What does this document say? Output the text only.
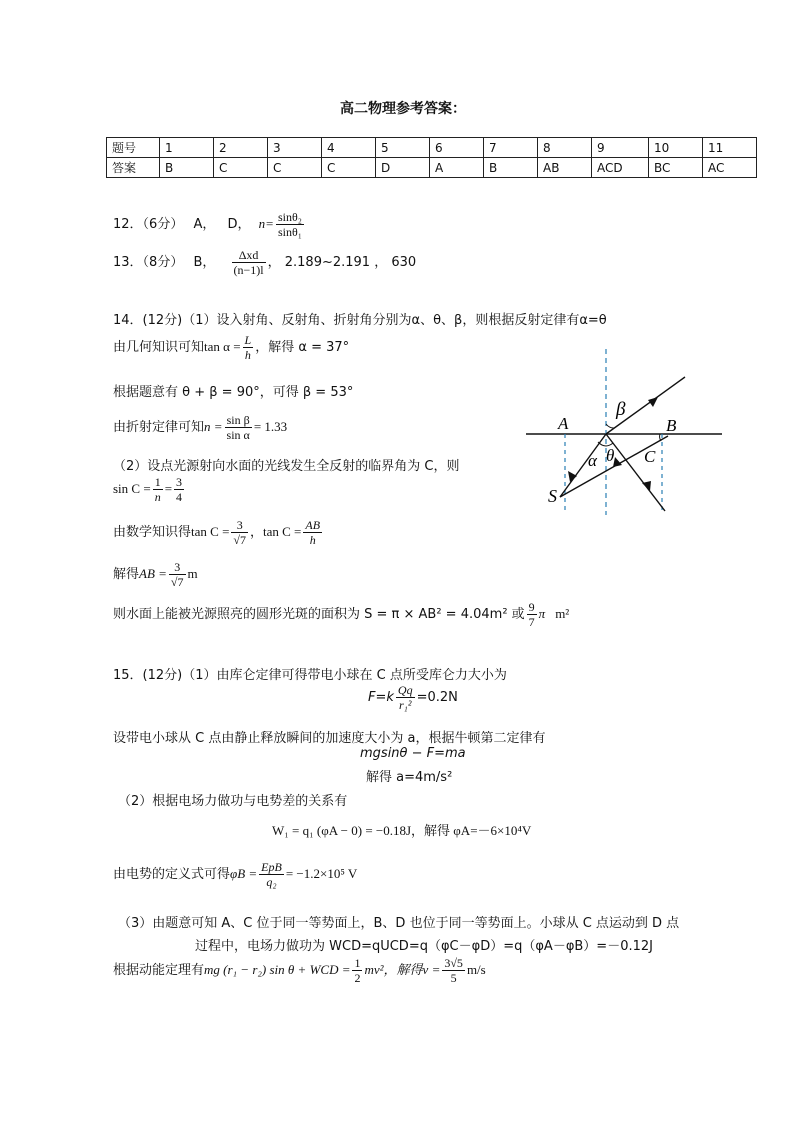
高二物理参考答案：
题号	1	2	3	4	5	6	7	8	9	10	11
答案	B	C	C	C	D	A	B	AB	ACD	BC	AC
12．（6分） A， D， $n= \frac{\text{sinθ₂}}{\text{sinθ₁}}$
13．（8分） B， $\frac{\text{Δxd}}{(n-1)l}$ ， 2.189~2.191 ， 630
14．(12分)（1）设入射角、反射角、折射角分别为α、θ、β，则根据反射定律有α=θ
由几何知识可知$\tan \alpha = \frac{L}{h}$ ，解得 α = 37°
根据题意有 θ + β = 90°，可得 β = 53°
由折射定律可知$n = \frac{\text{sin β}}{\text{sin α}} = 1.33$
（2）设点光源射向水面的光线发生全反射的临界角为 C，则
$\sin C = \frac{1}{n} = \frac{3}{4}$
由数学知识得$\tan C = \frac{3}{√7}$ ，$\tan C = \frac{AB}{h}$
解得AB = $\frac{3}{√7}$ m
则水面上能被光源照亮的圆形光斑的面积为 S = π × AB² = 4.04m² 或 $\frac{9}{7}$ π m²
A	B
C
S
α θ
β
15．(12分)（1）由库仑定律可得带电小球在 C 点所受库仑力大小为
$F=k \frac{Qq}{\text{r₁²}} =0.2N$
设带电小球从 C 点由静止释放瞬间的加速度大小为 a，根据牛顿第二定律有
mgsinθ − F=ma
解得 a=4m/s²
（2）根据电场力做功与电势差的关系有
W₁ = q₁ (φA − 0) = −0.18J，解得 φA=－6×10⁴V
由电势的定义式可得$\varphi B = \frac{\text{EpB}}{\text{q₂}} = -1.2\times 10^5$ V
（3）由题意可知 A、C 位于同一等势面上，B、D 也位于同一等势面上。小球从 C 点运动到 D 点
过程中，电场力做功为 WCD=qUCD=q（φC－φD）=q（φA－φB）=－0.12J
根据动能定理有mg (r₁ − r₂) sin θ + WCD = $\frac{1}{2} mv^2$，解得$v = \frac{3√5}{5} m/s$
